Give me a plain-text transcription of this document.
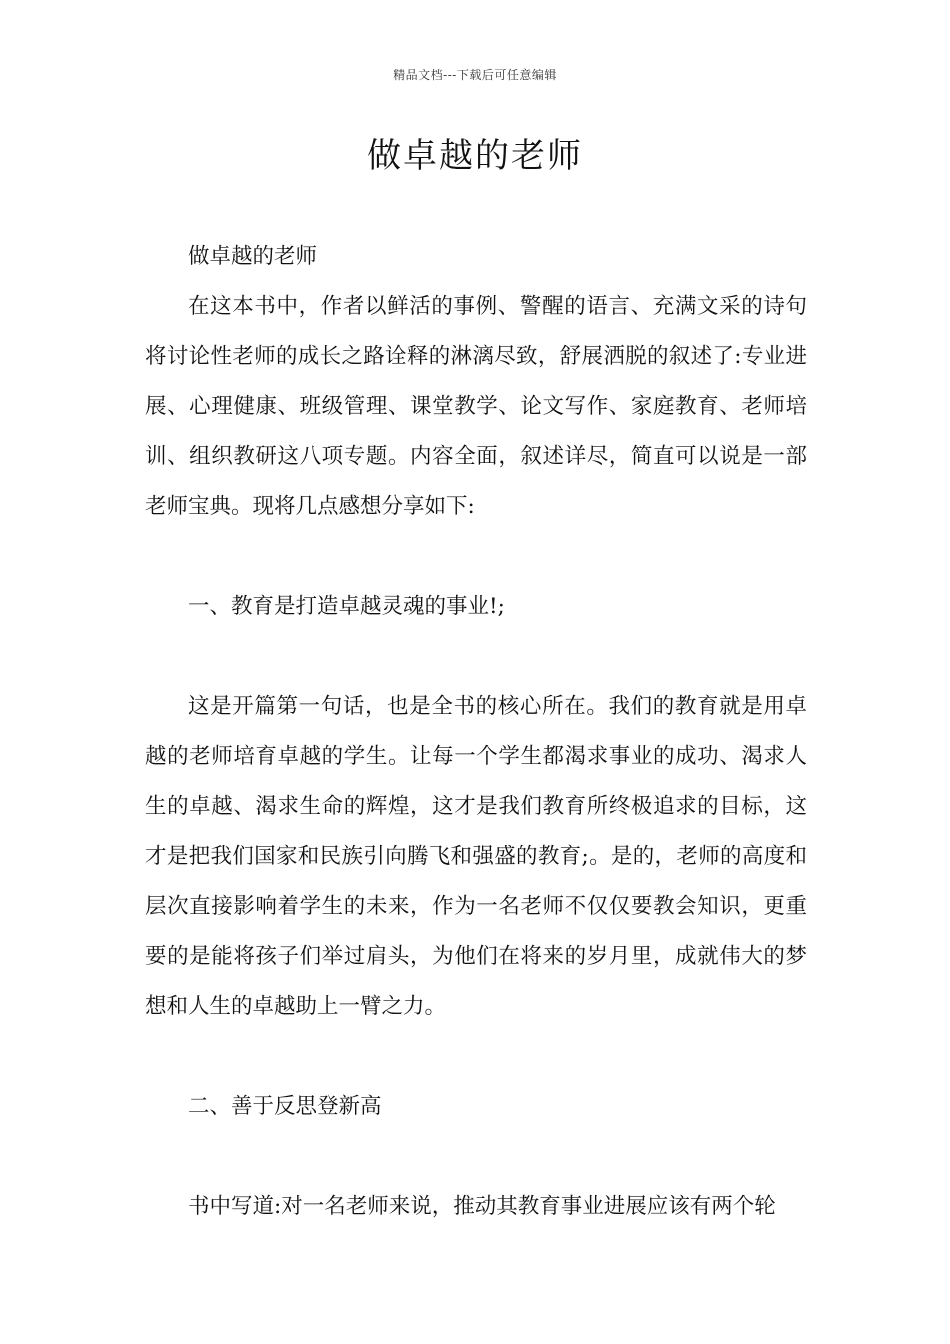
精品文档---下载后可任意编辑
做卓越的老师

做卓越的老师

在这本书中，作者以鲜活的事例、警醒的语言、充满文采的诗句将讨论性老师的成长之路诠释的淋漓尽致，舒展洒脱的叙述了:专业进展、心理健康、班级管理、课堂教学、论文写作、家庭教育、老师培训、组织教研这八项专题。内容全面，叙述详尽，简直可以说是一部老师宝典。现将几点感想分享如下:

一、教育是打造卓越灵魂的事业!;

这是开篇第一句话，也是全书的核心所在。我们的教育就是用卓越的老师培育卓越的学生。让每一个学生都渴求事业的成功、渴求人生的卓越、渴求生命的辉煌，这才是我们教育所终极追求的目标，这才是把我们国家和民族引向腾飞和强盛的教育;。是的，老师的高度和层次直接影响着学生的未来，作为一名老师不仅仅要教会知识，更重要的是能将孩子们举过肩头，为他们在将来的岁月里，成就伟大的梦想和人生的卓越助上一臂之力。

二、善于反思登新高

书中写道:对一名老师来说，推动其教育事业进展应该有两个轮
